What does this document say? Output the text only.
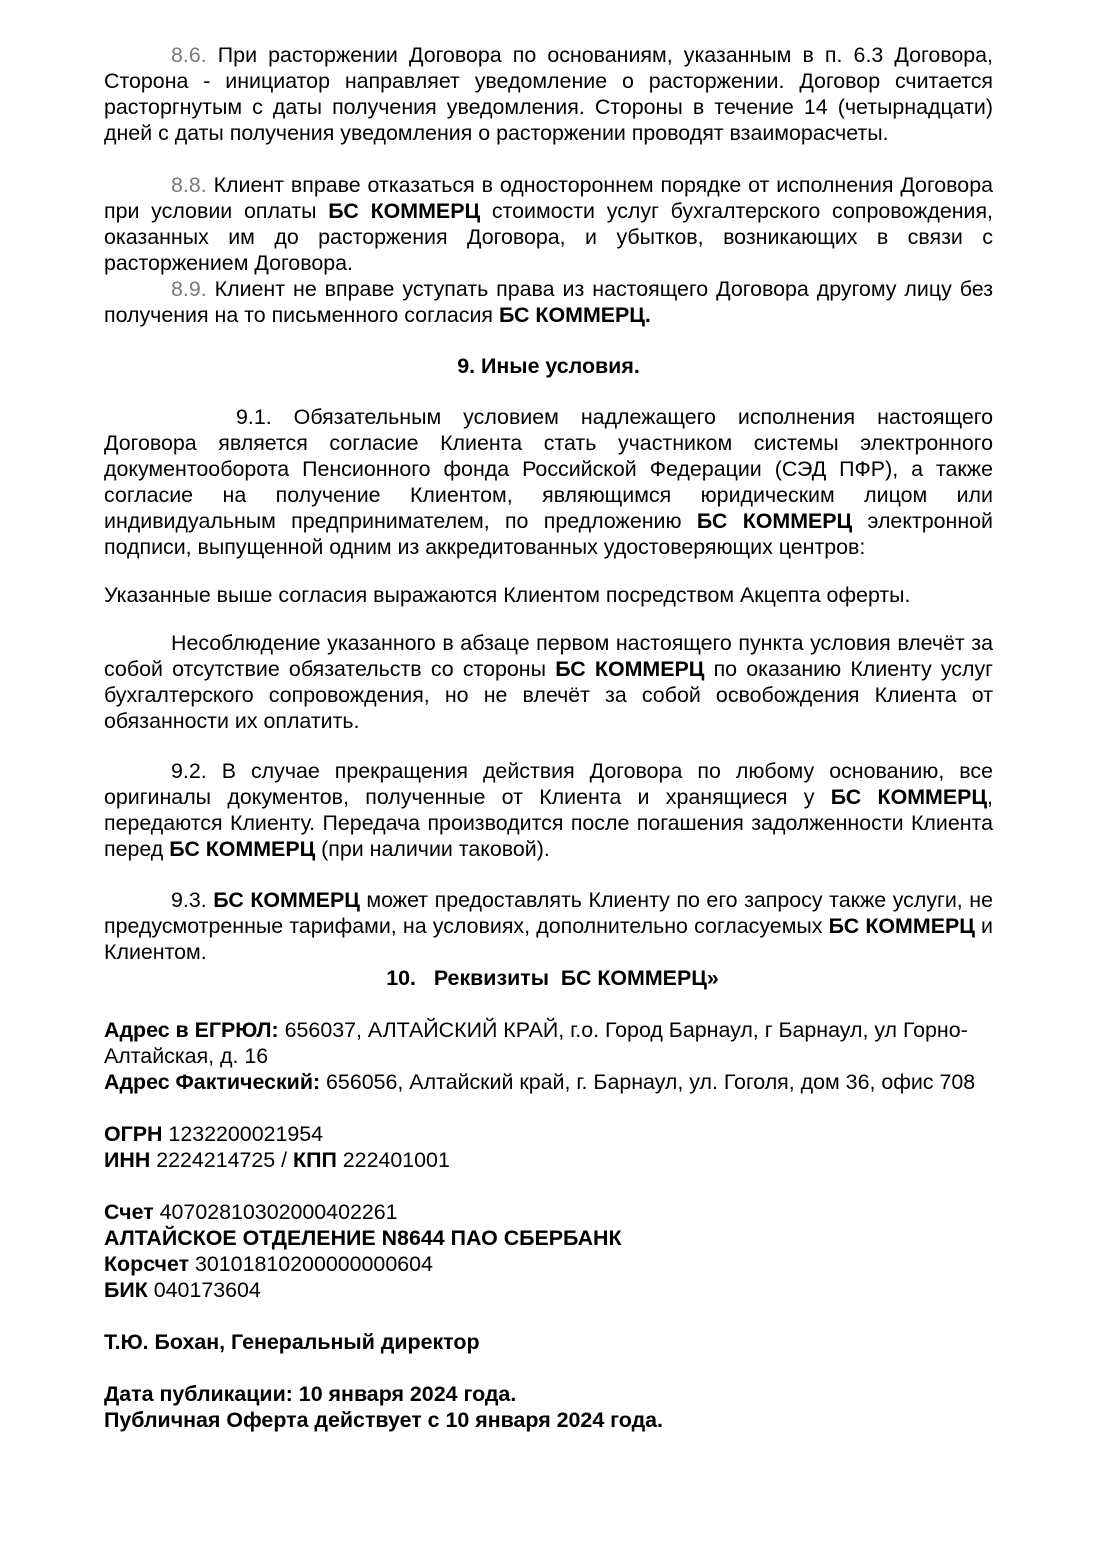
8.6. При расторжении Договора по основаниям, указанным в п. 6.3 Договора, Сторона - инициатор направляет уведомление о расторжении. Договор считается расторгнутым с даты получения уведомления. Стороны в течение 14 (четырнадцати) дней с даты получения уведомления о расторжении проводят взаиморасчеты.

8.8. Клиент вправе отказаться в одностороннем порядке от исполнения Договора при условии оплаты БС КОММЕРЦ стоимости услуг бухгалтерского сопровождения, оказанных им до расторжения Договора, и убытков, возникающих в связи с расторжением Договора.

8.9. Клиент не вправе уступать права из настоящего Договора другому лицу без получения на то письменного согласия БС КОММЕРЦ.

9. Иные условия.

9.1. Обязательным условием надлежащего исполнения настоящего Договора является согласие Клиента стать участником системы электронного документооборота Пенсионного фонда Российской Федерации (СЭД ПФР), а также согласие на получение Клиентом, являющимся юридическим лицом или индивидуальным предпринимателем, по предложению БС КОММЕРЦ электронной подписи, выпущенной одним из аккредитованных удостоверяющих центров:

Указанные выше согласия выражаются Клиентом посредством Акцепта оферты.

Несоблюдение указанного в абзаце первом настоящего пункта условия влечёт за собой отсутствие обязательств со стороны БС КОММЕРЦ по оказанию Клиенту услуг бухгалтерского сопровождения, но не влечёт за собой освобождения Клиента от обязанности их оплатить.

9.2. В случае прекращения действия Договора по любому основанию, все оригиналы документов, полученные от Клиента и хранящиеся у БС КОММЕРЦ, передаются Клиенту. Передача производится после погашения задолженности Клиента перед БС КОММЕРЦ (при наличии таковой).

9.3. БС КОММЕРЦ может предоставлять Клиенту по его запросу также услуги, не предусмотренные тарифами, на условиях, дополнительно согласуемых БС КОММЕРЦ и Клиентом.

10.   Реквизиты  БС КОММЕРЦ»

Адрес в ЕГРЮЛ: 656037, АЛТАЙСКИЙ КРАЙ, г.о. Город Барнаул, г Барнаул, ул Горно-Алтайская, д. 16

Адрес Фактический: 656056, Алтайский край, г. Барнаул, ул. Гоголя, дом 36, офис 708

ОГРН 1232200021954

ИНН 2224214725 / КПП 222401001

Счет 40702810302000402261

АЛТАЙСКОЕ ОТДЕЛЕНИЕ N8644 ПАО СБЕРБАНК

Корсчет 30101810200000000604

БИК 040173604

Т.Ю. Бохан, Генеральный директор

Дата публикации: 10 января 2024 года.

Публичная Оферта действует с 10 января 2024 года.
